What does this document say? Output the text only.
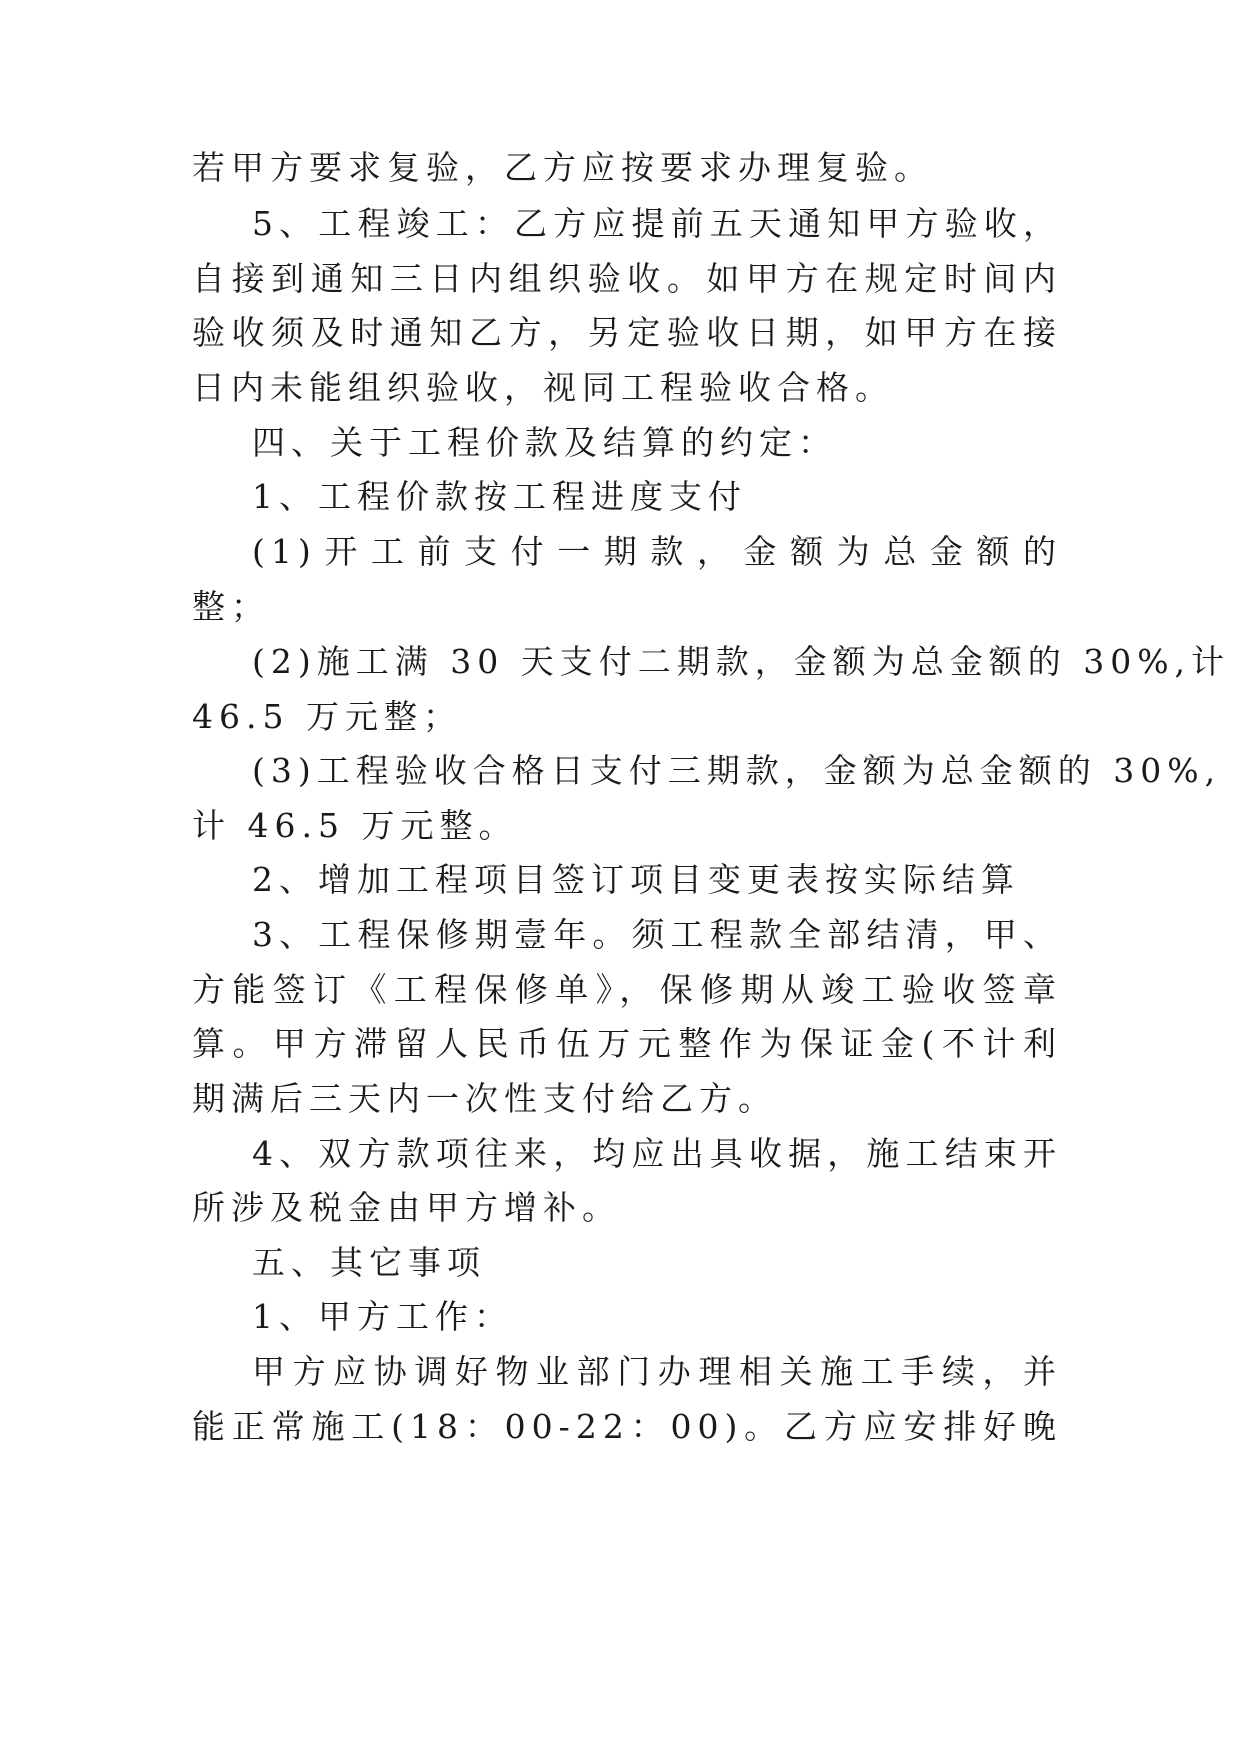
若甲方要求复验，乙方应按要求办理复验。
5、工程竣工：乙方应提前五天通知甲方验收，
自接到通知三日内组织验收。如甲方在规定时间内
验收须及时通知乙方，另定验收日期，如甲方在接
日内未能组织验收，视同工程验收合格。
四、关于工程价款及结算的约定：
1、工程价款按工程进度支付
(1)开工前支付一期款，金额为总金额的
整；
(2)施工满 30 天支付二期款，金额为总金额的 30%,计
46.5 万元整；
(3)工程验收合格日支付三期款，金额为总金额的 30%,
计 46.5 万元整。
2、增加工程项目签订项目变更表按实际结算
3、工程保修期壹年。须工程款全部结清，甲、
方能签订《工程保修单》，保修期从竣工验收签章
算。甲方滞留人民币伍万元整作为保证金(不计利
期满后三天内一次性支付给乙方。
4、双方款项往来，均应出具收据，施工结束开
所涉及税金由甲方增补。
五、其它事项
1、甲方工作：
甲方应协调好物业部门办理相关施工手续，并
能正常施工(18：00-22：00)。乙方应安排好晚
